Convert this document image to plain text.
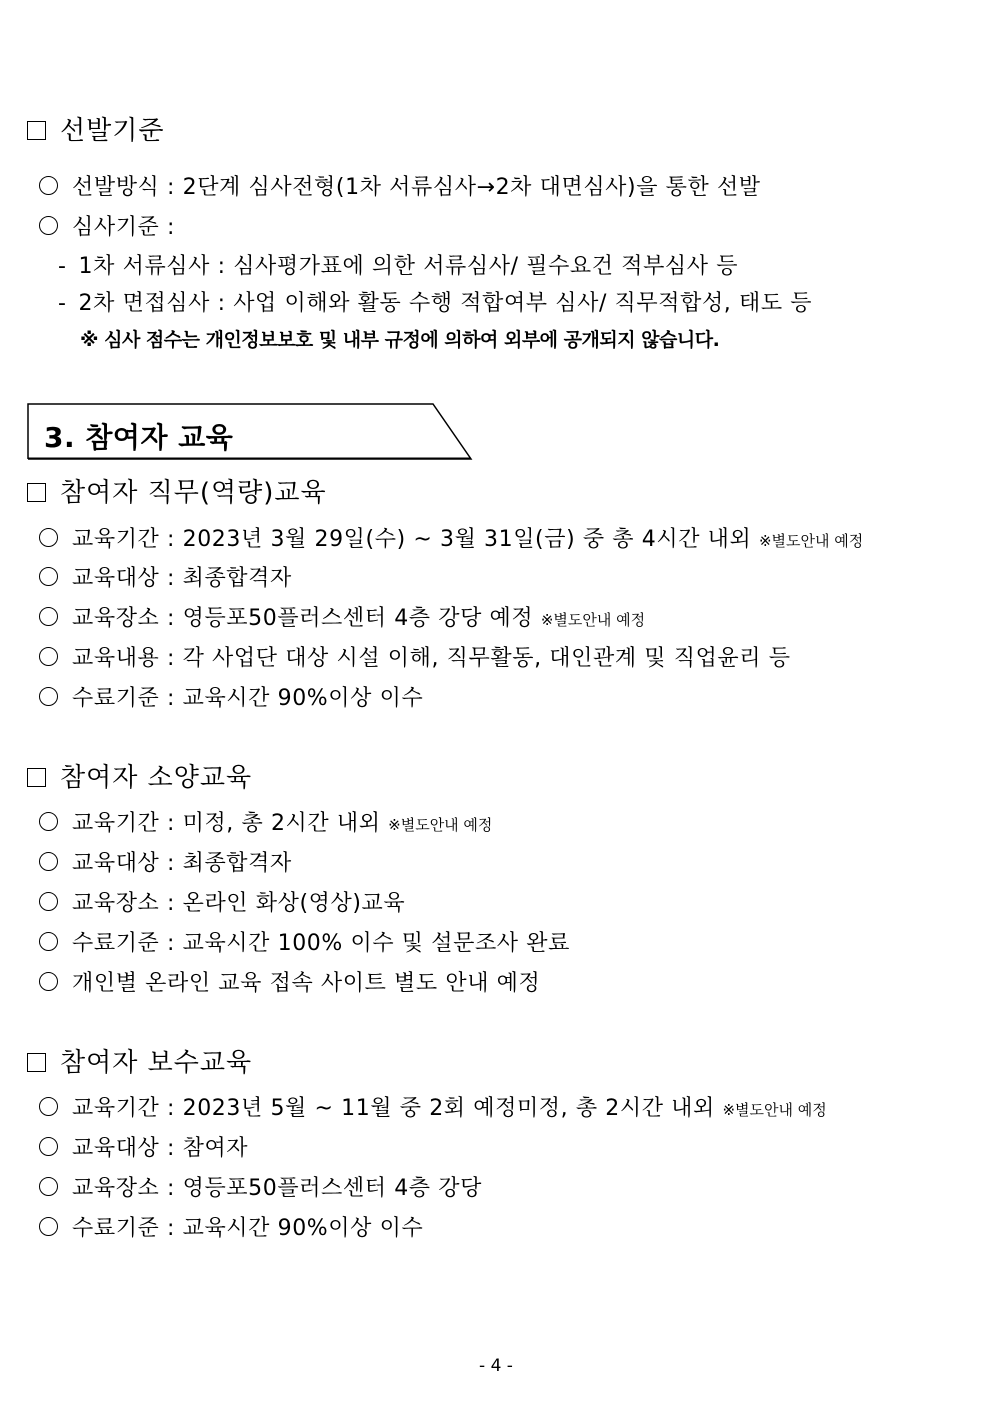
선발기준
선발방식 : 2단계 심사전형(1차 서류심사→2차 대면심사)을 통한 선발
심사기준 :
- 1차 서류심사 : 심사평가표에 의한 서류심사/ 필수요건 적부심사 등
- 2차 면접심사 : 사업 이해와 활동 수행 적합여부 심사/ 직무적합성, 태도 등
※ 심사 점수는 개인정보보호 및 내부 규정에 의하여 외부에 공개되지 않습니다.
3. 참여자 교육
참여자 직무(역량)교육
교육기간 : 2023년 3월 29일(수) ~ 3월 31일(금) 중 총 4시간 내외 ※별도안내 예정
교육대상 : 최종합격자
교육장소 : 영등포50플러스센터 4층 강당 예정 ※별도안내 예정
교육내용 : 각 사업단 대상 시설 이해, 직무활동, 대인관계 및 직업윤리 등
수료기준 : 교육시간 90%이상 이수
참여자 소양교육
교육기간 : 미정, 총 2시간 내외 ※별도안내 예정
교육대상 : 최종합격자
교육장소 : 온라인 화상(영상)교육
수료기준 : 교육시간 100% 이수 및 설문조사 완료
개인별 온라인 교육 접속 사이트 별도 안내 예정
참여자 보수교육
교육기간 : 2023년 5월 ~ 11월 중 2회 예정미정, 총 2시간 내외 ※별도안내 예정
교육대상 : 참여자
교육장소 : 영등포50플러스센터 4층 강당
수료기준 : 교육시간 90%이상 이수
- 4 -
